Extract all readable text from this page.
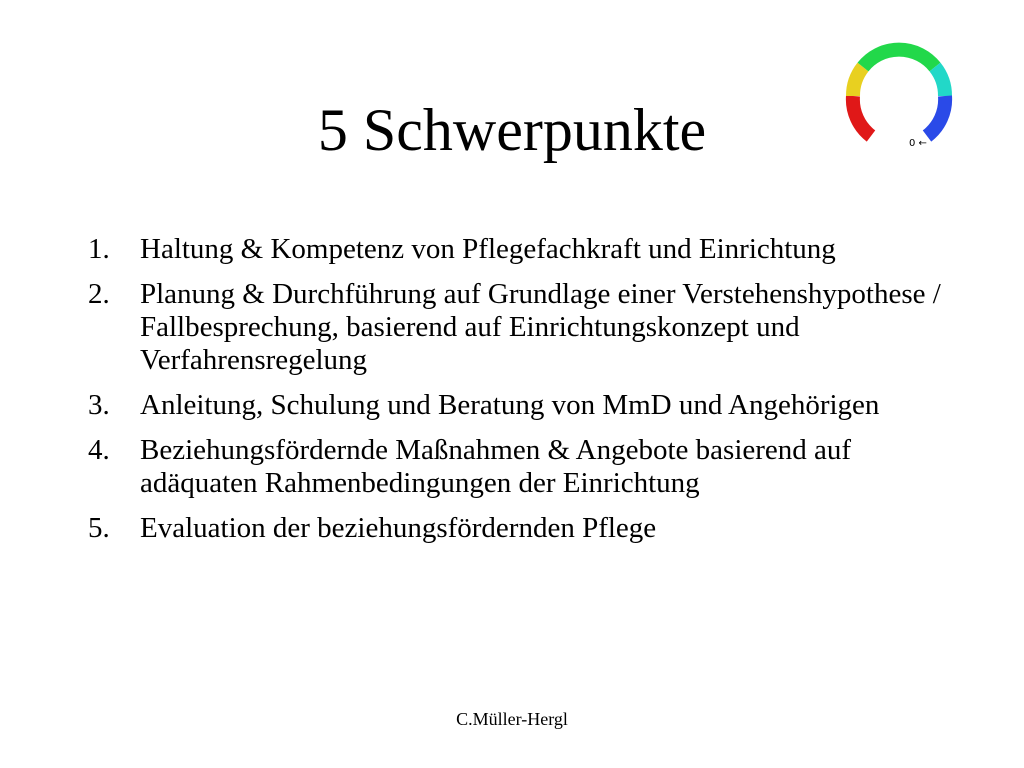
5 Schwerpunkte	0 ←
1.	Haltung & Kompetenz von Pflegefachkraft und Einrichtung
2.	Planung & Durchführung auf Grundlage einer Verstehenshypothese / Fallbesprechung, basierend auf Einrichtungskonzept und Verfahrensregelung
3.	Anleitung, Schulung und Beratung von MmD und Angehörigen
4.	Beziehungsfördernde Maßnahmen & Angebote basierend auf adäquaten Rahmenbedingungen der Einrichtung
5.	Evaluation der beziehungsfördernden Pflege
C.Müller-Hergl
